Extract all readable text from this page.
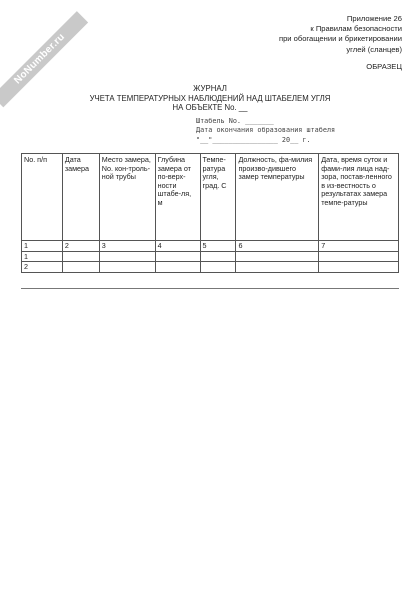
NoNumber.ru
Приложение 26
к Правилам безопасности
при обогащении и брикетировании
углей (сланцев)
ОБРАЗЕЦ
ЖУРНАЛ
УЧЕТА ТЕМПЕРАТУРНЫХ НАБЛЮДЕНИЙ НАД ШТАБЕЛЕМ УГЛЯ
НА ОБЪЕКТЕ No. __
Штабель No. _______
Дата окончания образования штабеля
"__"________________ 20__ г.
No. п/п	Дата замера	Место замера, No. кон-троль-ной трубы	Глубина замера от по-верх-ности штабе-ля, м	Темпе-ратура угля, град. С	Должность, фа-милия произво-дившего замер температуры	Дата, время суток и фами-лия лица над-зора, постав-ленного в из-вестность о результатах замера темпе-ратуры
1	2	3	4	5	6	7
1						
2						
